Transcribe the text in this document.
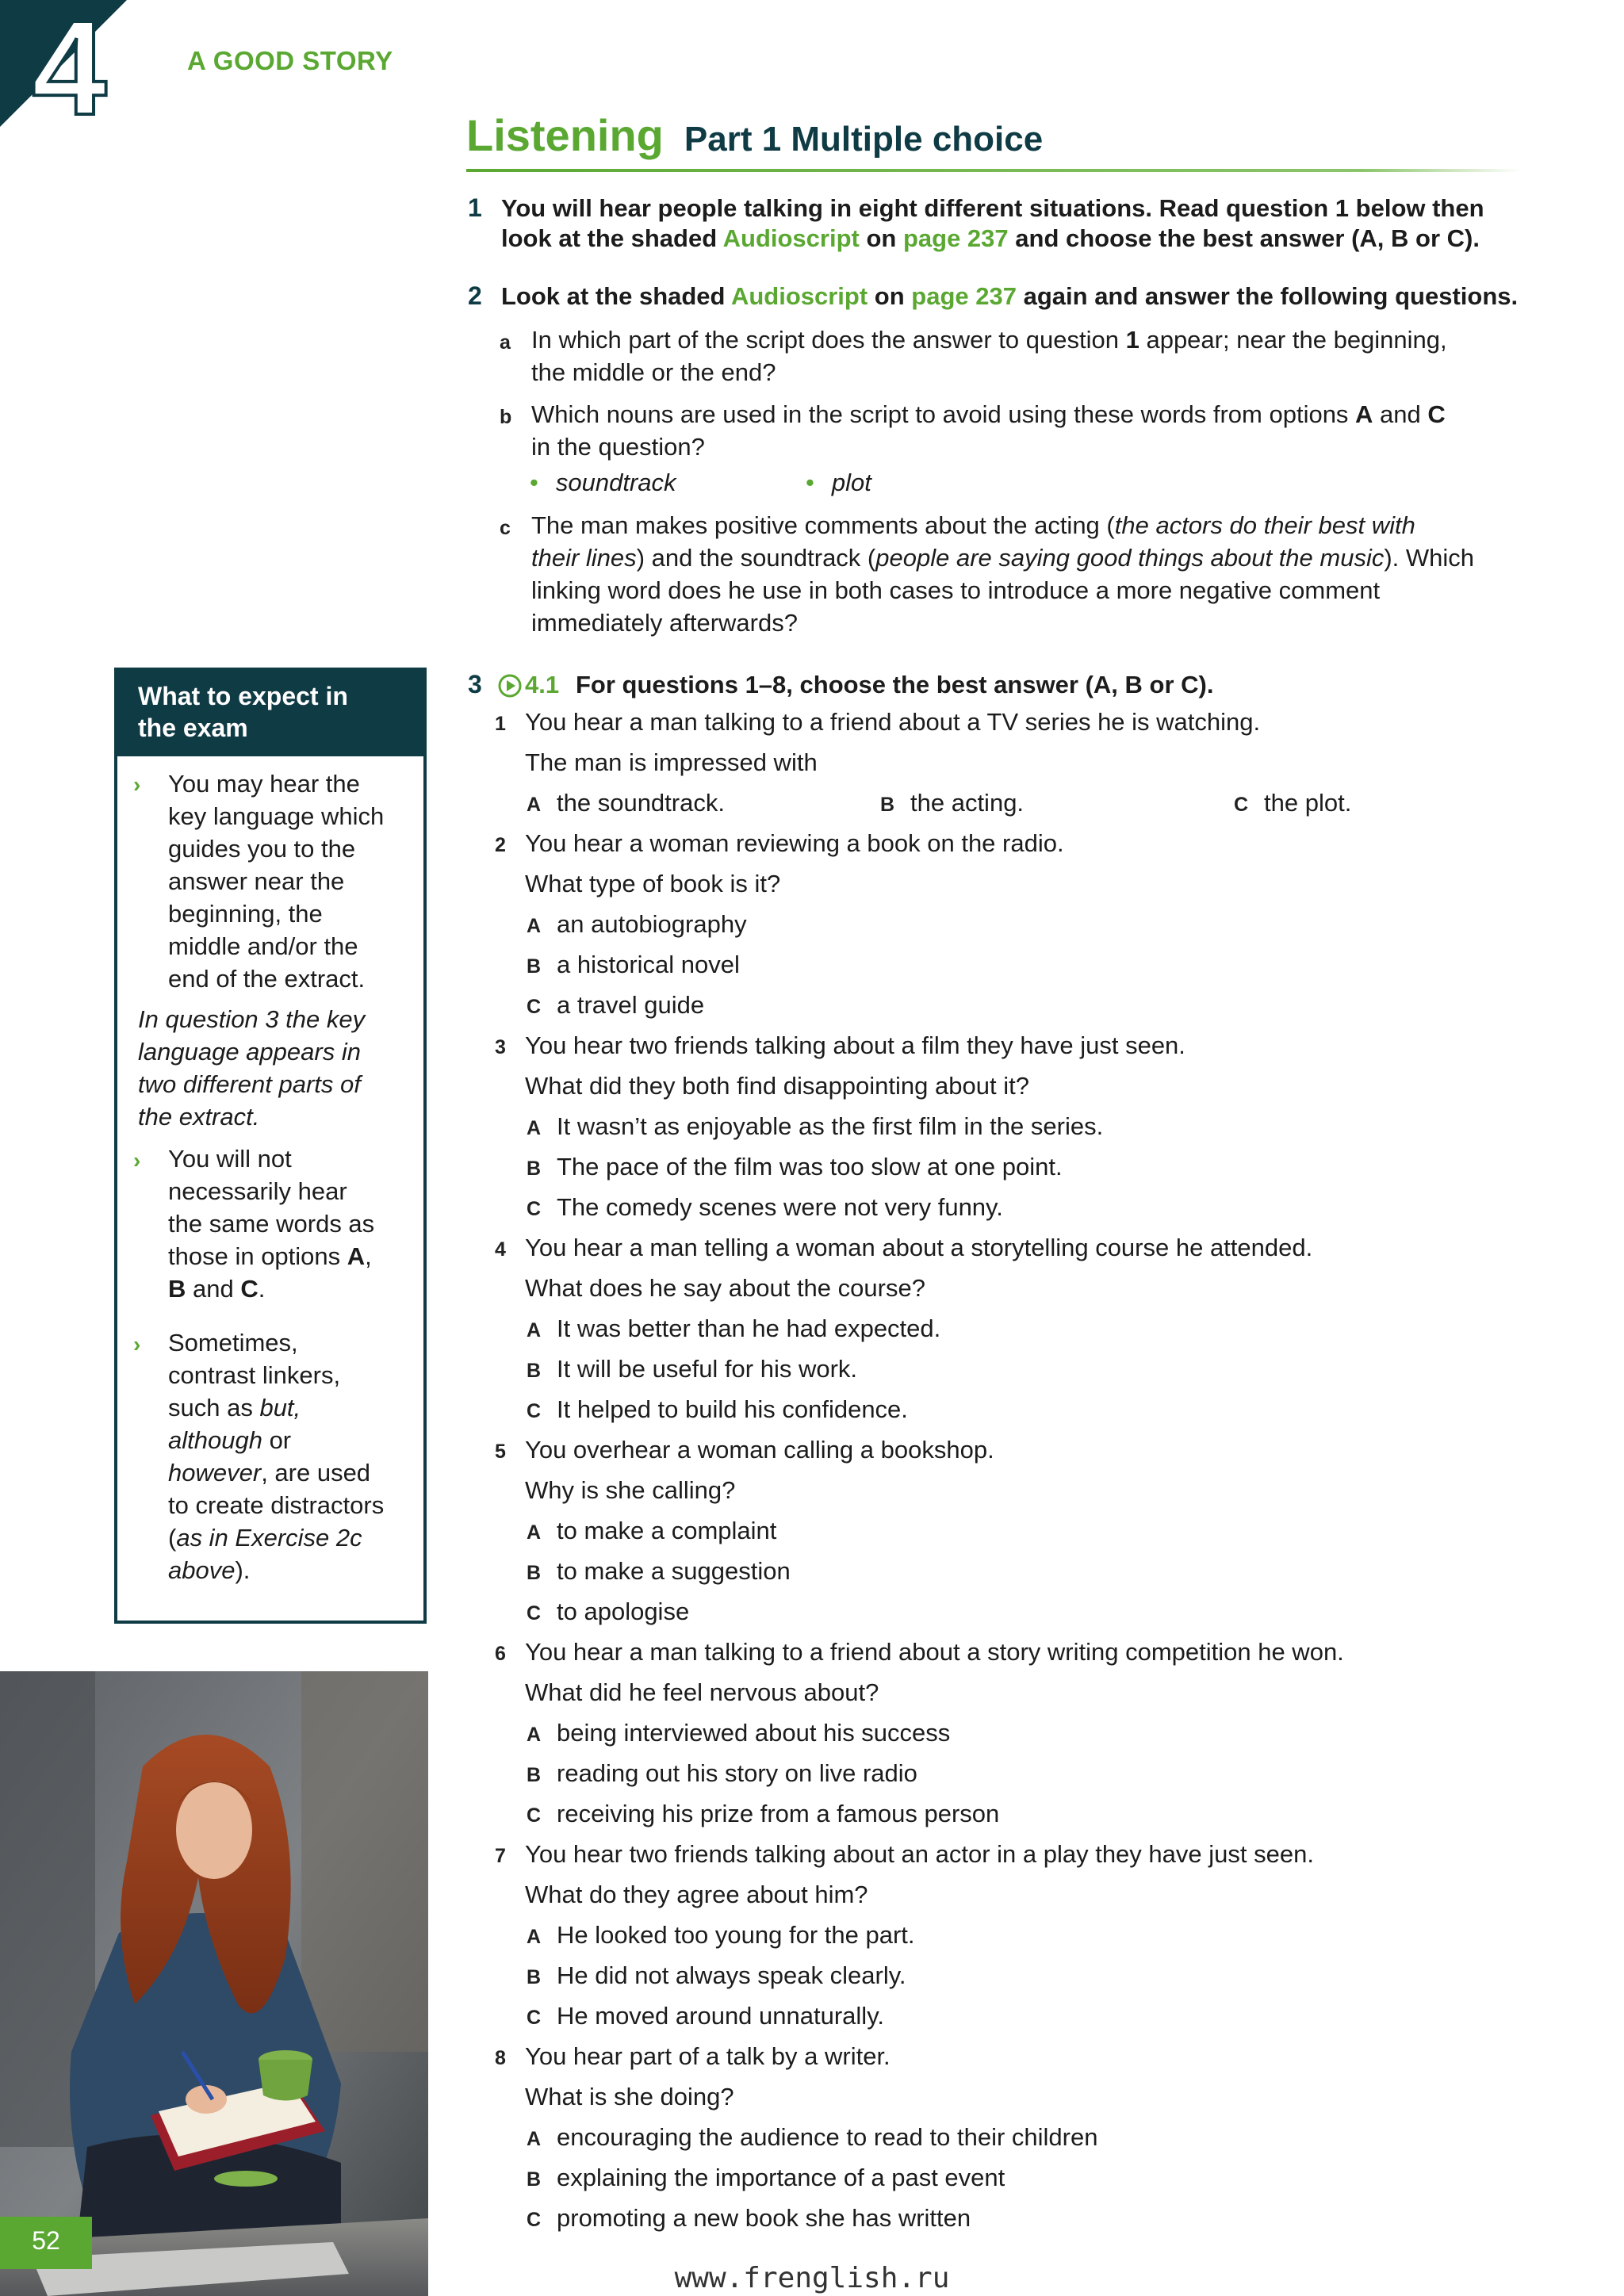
4	A GOOD STORY
Listening Part 1 Multiple choice
1 You will hear people talking in eight different situations. Read question 1 below then
look at the shaded Audioscript on page 237 and choose the best answer (A, B or C).
2 Look at the shaded Audioscript on page 237 again and answer the following questions.
a In which part of the script does the answer to question 1 appear; near the beginning,
the middle or the end?
b Which nouns are used in the script to avoid using these words from options A and C
in the question?
• soundtrack
•	plot
c The man makes positive comments about the acting (the actors do their best with
their lines) and the soundtrack (people are saying good things about the music). Which
linking word does he use in both cases to introduce a more negative comment
immediately afterwards?
3 4.1 For questions 1–8, choose the best answer (A, B or C).
1 You hear a man talking to a friend about a TV series he is watching.
The man is impressed with
A the soundtrack.	B the acting.	C the plot.
2 You hear a woman reviewing a book on the radio.
What type of book is it?
A an autobiography
B a historical novel
C a travel guide
3 You hear two friends talking about a film they have just seen.
What did they both find disappointing about it?
A It wasn’t as enjoyable as the first film in the series.
B The pace of the film was too slow at one point.
C The comedy scenes were not very funny.
4 You hear a man telling a woman about a storytelling course he attended.
What does he say about the course?
A It was better than he had expected.
B It will be useful for his work.
C It helped to build his confidence.
5 You overhear a woman calling a bookshop.
Why is she calling?
A to make a complaint
B to make a suggestion
C to apologise
6 You hear a man talking to a friend about a story writing competition he won.
What did he feel nervous about?
A being interviewed about his success
B reading out his story on live radio
C receiving his prize from a famous person
7 You hear two friends talking about an actor in a play they have just seen.
What do they agree about him?
A He looked too young for the part.
B He did not always speak clearly.
C He moved around unnaturally.
8 You hear part of a talk by a writer.
What is she doing?
A encouraging the audience to read to their children
B explaining the importance of a past event
C promoting a new book she has written
What to expect in
the exam
› You may hear the
key language which
guides you to the
answer near the
beginning, the
middle and/or the
end of the extract.
In question 3 the key
language appears in
two different parts of
the extract.
› You will not
necessarily hear
the same words as
those in options A,
B and C.
› Sometimes,
contrast linkers,
such as but,
although or
however, are used
to create distractors
(as in Exercise 2c
above).
52
www.frenglish.ru
